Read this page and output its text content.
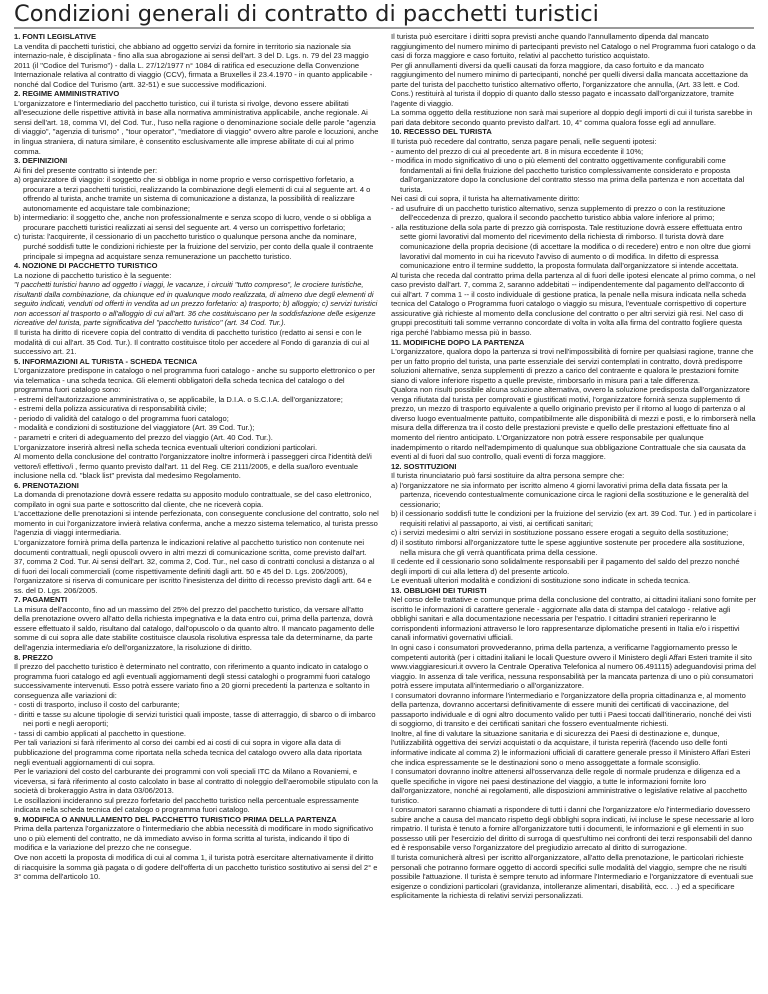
Condizioni generali di contratto di pacchetti turistici
1. FONTI LEGISLATIVE

La vendita di pacchetti turistici, che abbiano ad oggetto servizi da fornire in territorio sia nazionale sia internazio-nale, è disciplinata - fino alla sua abrogazione ai sensi dell'art. 3 del D. Lgs. n. 79 del 23 maggio 2011 (il "Codice del Turismo") - dalla L. 27/12/1977 n° 1084 di ratifica ed esecuzione della Convenzione Internazionale relativa al contratto di viaggio (CCV), firmata a Bruxelles il 23.4.1970 - in quanto applicabile - nonché dal Codice del Turismo (artt. 32-51) e sue successive modificazioni.

2. REGIME AMMINISTRATIVO

L'organizzatore e l'intermediario del pacchetto turistico, cui il turista si rivolge, devono essere abilitati all'esecuzione delle rispettive attività in base alla normativa amministrativa applicabile, anche regionale. Ai sensi dell'art. 18, comma VI, del Cod. Tur., l'uso nella ragione o denominazione sociale delle parole "agenzia di viaggio", "agenzia di turismo" , "tour operator", "mediatore di viaggio" ovvero altre parole e locuzioni, anche in lingua straniera, di natura similare, è consentito esclusivamente alle imprese abilitate di cui al primo comma.

3. DEFINIZIONI

Ai fini del presente contratto si intende per:

a) organizzatore di viaggio: il soggetto che si obbliga in nome proprio e verso corrispettivo forfetario, a procurare a terzi pacchetti turistici, realizzando la combinazione degli elementi di cui al seguente art. 4 o offrendo al turista, anche tramite un sistema di comunicazione a distanza, la possibilità di realizzare autonomamente ed acquistare tale combinazione;

b) intermediario: il soggetto che, anche non professionalmente e senza scopo di lucro, vende o si obbliga a procurare pacchetti turistici realizzati ai sensi del seguente art. 4 verso un corrispettivo forfetario;

c) turista: l'acquirente, il cessionario di un pacchetto turistico o qualunque persona anche da nominare, purché soddisfi tutte le condizioni richieste per la fruizione del servizio, per conto della quale il contraente principale si impegna ad acquistare senza remunerazione un pacchetto turistico.

4. NOZIONE DI PACCHETTO TURISTICO

La nozione di pacchetto turistico è la seguente:

"I pacchetti turistici hanno ad oggetto i viaggi, le vacanze, i circuiti "tutto compreso", le crociere turistiche, risultanti dalla combinazione, da chiunque ed in qualunque modo realizzata, di almeno due degli elementi di seguito indicati, venduti od offerti in vendita ad un prezzo forfetario: a) trasporto; b) alloggio; c) servizi turistici non accessori al trasporto o all'alloggio di cui all'art. 36 che costituiscano per la soddisfazione delle esigenze ricreative del turista, parte significativa del "pacchetto turistico" (art. 34 Cod. Tur.).

Il turista ha diritto di ricevere copia del contratto di vendita di pacchetto turistico (redatto ai sensi e con le modalità di cui all'art. 35 Cod. Tur.). Il contratto costituisce titolo per accedere al Fondo di garanzia di cui al successivo art. 21.

5. INFORMAZIONI AL TURISTA - SCHEDA TECNICA

L'organizzatore predispone in catalogo o nel programma fuori catalogo - anche su supporto elettronico o per via telematica - una scheda tecnica. Gli elementi obbligatori della scheda tecnica del catalogo o del programma fuori catalogo sono:

- estremi dell'autorizzazione amministrativa o, se applicabile, la D.I.A. o S.C.I.A. dell'organizzatore;

- estremi della polizza assicurativa di responsabilità civile;

- periodo di validità del catalogo o del programma fuori catalogo;

- modalità e condizioni di sostituzione del viaggiatore (Art. 39 Cod. Tur.);

- parametri e criteri di adeguamento del prezzo del viaggio (Art. 40 Cod. Tur.).

L'organizzatore inserirà altresì nella scheda tecnica eventuali ulteriori condizioni particolari.

Al momento della conclusione del contratto l'organizzatore inoltre informerà i passeggeri circa l'identità del/i vettore/i effettivo/i , fermo quanto previsto dall'art. 11 del Reg. CE 2111/2005, e della sua/loro eventuale inclusione nella cd. "black list" prevista dal medesimo Regolamento.

6. PRENOTAZIONI

La domanda di prenotazione dovrà essere redatta su apposito modulo contrattuale, se del caso elettronico, compilato in ogni sua parte e sottoscritto dal cliente, che ne riceverà copia.

L'accettazione delle prenotazioni si intende perfezionata, con conseguente conclusione del contratto, solo nel momento in cui l'organizzatore invierà relativa conferma, anche a mezzo sistema telematico, al turista presso l'agenzia di viaggi intermediaria.

L'organizzatore fornirà prima della partenza le indicazioni relative al pacchetto turistico non contenute nei documenti contrattuali, negli opuscoli ovvero in altri mezzi di comunicazione scritta, come previsto dall'art. 37, comma 2 Cod. Tur. Ai sensi dell'art. 32, comma 2, Cod. Tur., nel caso di contratti conclusi a distanza o al di fuori dei locali commerciali (come rispettivamente definiti dagli artt. 50 e 45 del D. Lgs. 206/2005), l'organizzatore si riserva di comunicare per iscritto l'inesistenza del diritto di recesso previsto dagli artt. 64 e ss. del D. Lgs. 206/2005.

7. PAGAMENTI

La misura dell'acconto, fino ad un massimo del 25% del prezzo del pacchetto turistico, da versare all'atto della prenotazione ovvero all'atto della richiesta impegnativa e la data entro cui, prima della partenza, dovrà essere effettuato il saldo, risultano dal catalogo, dall'opuscolo o da quanto altro. Il mancato pagamento delle somme di cui sopra alle date stabilite costituisce clausola risolutiva espressa tale da determinarne, da parte dell'agenzia intermediaria e/o dell'organizzatore, la risoluzione di diritto.

8. PREZZO

Il prezzo del pacchetto turistico è determinato nel contratto, con riferimento a quanto indicato in catalogo o programma fuori catalogo ed agli eventuali aggiornamenti degli stessi cataloghi o programmi fuori catalogo successivamente intervenuti. Esso potrà essere variato fino a 20 giorni precedenti la partenza e soltanto in conseguenza alle variazioni di:

- costi di trasporto, incluso il costo del carburante;

- diritti e tasse su alcune tipologie di servizi turistici quali imposte, tasse di atterraggio, di sbarco o di imbarco nei porti e negli aeroporti;

- tassi di cambio applicati al pacchetto in questione.

Per tali variazioni si farà riferimento al corso dei cambi ed ai costi di cui sopra in vigore alla data di pubblicazione del programma come riportata nella scheda tecnica del catalogo ovvero alla data riportata negli eventuali aggiornamenti di cui sopra.

Per le variazioni del costo del carburante dei programmi con voli speciali ITC da Milano a Rovaniemi, e viceversa, si farà riferimento al costo calcolato in base al contratto di noleggio dell'aeromobile stipulato con la società di brokeraggio Astra in data 03/06/2013.

Le oscillazioni incideranno sul prezzo forfetario del pacchetto turistico nella percentuale espressamente indicata nella scheda tecnica del catalogo o programma fuori catalogo.

9. MODIFICA O ANNULLAMENTO DEL PACCHETTO TURISTICO PRIMA DELLA PARTENZA

Prima della partenza l'organizzatore o l'intermediario che abbia necessità di modificare in modo significativo uno o più elementi del contratto, ne dà immediato avviso in forma scritta al turista, indicando il tipo di modifica e la variazione del prezzo che ne consegue.

Ove non accetti la proposta di modifica di cui al comma 1, il turista potrà esercitare alternativamente il diritto di riacquisire la somma già pagata o di godere dell'offerta di un pacchetto turistico sostitutivo ai sensi del 2° e 3° comma dell'articolo 10.

Il turista può esercitare i diritti sopra previsti anche quando l'annullamento dipenda dal mancato raggiungimento del numero minimo di partecipanti previsto nel Catalogo o nel Programma fuori catalogo o da casi di forza maggiore e caso fortuito, relativi al pacchetto turistico acquistato.

Per gli annullamenti diversi da quelli causati da forza maggiore, da caso fortuito e da mancato raggiungimento del numero minimo di partecipanti, nonché per quelli diversi dalla mancata accettazione da parte del turista del pacchetto turistico alternativo offerto, l'organizzatore che annulla, (Art. 33 lett. e Cod. Cons.) restituirà al turista il doppio di quanto dallo stesso pagato e incassato dall'organizzatore, tramite l'agente di viaggio.

La somma oggetto della restituzione non sarà mai superiore al doppio degli importi di cui il turista sarebbe in pari data debitore secondo quanto previsto dall'art. 10, 4° comma qualora fosse egli ad annullare.

10. RECESSO DEL TURISTA

Il turista può recedere dal contratto, senza pagare penali, nelle seguenti ipotesi:

- aumento del prezzo di cui al precedente art. 8 in misura eccedente il 10%;

- modifica in modo significativo di uno o più elementi del contratto oggettivamente configurabili come fondamentali ai fini della fruizione del pacchetto turistico complessivamente considerato e proposta dall'organizzatore dopo la conclusione del contratto stesso ma prima della partenza e non accettata dal turista.

Nei casi di cui sopra, il turista ha alternativamente diritto:

- ad usufruire di un pacchetto turistico alternativo, senza supplemento di prezzo o con la restituzione dell'eccedenza di prezzo, qualora il secondo pacchetto turistico abbia valore inferiore al primo;

- alla restituzione della sola parte di prezzo già corrisposta. Tale restituzione dovrà essere effettuata entro sette giorni lavorativi dal momento del ricevimento della richiesta di rimborso. Il turista dovrà dare comunicazione della propria decisione (di accettare la modifica o di recedere) entro e non oltre due giorni lavorativi dal momento in cui ha ricevuto l'avviso di aumento o di modifica. In difetto di espressa comunicazione entro il termine suddetto, la proposta formulata dall'organizzatore si intende accettata.

Al turista che receda dal contratto prima della partenza al di fuori delle ipotesi elencate al primo comma, o nel caso previsto dall'art. 7, comma 2, saranno addebitati -- indipendentemente dal pagamento dell'acconto di cui all'art. 7 comma 1 -- il costo individuale di gestione pratica, la penale nella misura indicata nella scheda tecnica del Catalogo o Programma fuori catalogo o viaggio su misura, l'eventuale corrispettivo di coperture assicurative già richieste al momento della conclusione del contratto o per altri servizi già resi. Nel caso di gruppi precostituiti tali somme verranno concordate di volta in volta alla firma del contratto fogliere questa riga perché l'abbiamo messa più in basso.

11. MODIFICHE DOPO LA PARTENZA

L'organizzatore, qualora dopo la partenza si trovi nell'impossibilità di fornire per qualsiasi ragione, tranne che per un fatto proprio del turista, una parte essenziale dei servizi contemplati in contratto, dovrà predisporre soluzioni alternative, senza supplementi di prezzo a carico del contraente e qualora le prestazioni fornite siano di valore inferiore rispetto a quelle previste, rimborsarlo in misura pari a tale differenza.

Qualora non risulti possibile alcuna soluzione alternativa, ovvero la soluzione predisposta dall'organizzatore venga rifiutata dal turista per comprovati e giustificati motivi, l'organizzatore fornirà senza supplemento di prezzo, un mezzo di trasporto equivalente a quello originario previsto per il ritorno al luogo di partenza o al diverso luogo eventualmente pattuito, compatibilmente alle disponibilità di mezzi e posti, e lo rimborserà nella misura della differenza tra il costo delle prestazioni previste e quello delle prestazioni effettuate fino al momento del rientro anticipato. L'Organizzatore non potrà essere responsabile per qualunque inadempimento o ritardo nell'adempimento di qualunque sua obbligazione Contrattuale che sia causata da eventi al di fuori dal suo controllo, quali eventi di forza maggiore.

12. SOSTITUZIONI

Il turista rinunciatario può farsi sostituire da altra persona sempre che:

a) l'organizzatore ne sia informato per iscritto almeno 4 giorni lavorativi prima della data fissata per la partenza, ricevendo contestualmente comunicazione circa le ragioni della sostituzione e le generalità del cessionario;

b) il cessionario soddisfi tutte le condizioni per la fruizione del servizio (ex art. 39 Cod. Tur. ) ed in particolare i requisiti relativi al passaporto, ai visti, ai certificati sanitari;

c) i servizi medesimi o altri servizi in sostituzione possano essere erogati a seguito della sostituzione;

d) il sostituto rimborsi all'organizzatore tutte le spese aggiuntive sostenute per procedere alla sostituzione, nella misura che gli verrà quantificata prima della cessione.

Il cedente ed il cessionario sono solidalmente responsabili per il pagamento del saldo del prezzo nonché degli importi di cui alla lettera d) del presente articolo.

Le eventuali ulteriori modalità e condizioni di sostituzione sono indicate in scheda tecnica.

13. OBBLIGHI DEI TURISTI

Nel corso delle trattative e comunque prima della conclusione del contratto, ai cittadini italiani sono fornite per iscritto le informazioni di carattere generale - aggiornate alla data di stampa del catalogo - relative agli obblighi sanitari e alla documentazione necessaria per l'espatrio. I cittadini stranieri reperiranno le corrispondenti informazioni attraverso le loro rappresentanze diplomatiche presenti in Italia e/o i rispettivi canali informativi governativi ufficiali.

In ogni caso i consumatori provvederanno, prima della partenza, a verificarne l'aggiornamento presso le competenti autorità (per i cittadini italiani le locali Questure ovvero il Ministero degli Affari Esteri tramite il sito www.viaggiaresicuri.it ovvero la Centrale Operativa Telefonica al numero 06.491115) adeguandovisi prima del viaggio. In assenza di tale verifica, nessuna responsabilità per la mancata partenza di uno o più consumatori potrà essere imputata all'intermediario o all'organizzatore.

I consumatori dovranno informare l'intermediario e l'organizzatore della propria cittadinanza e, al momento della partenza, dovranno accertarsi definitivamente di essere muniti dei certificati di vaccinazione, del passaporto individuale e di ogni altro documento valido per tutti i Paesi toccati dall'itinerario, nonché dei visti di soggiorno, di transito e dei certificati sanitari che fossero eventualmente richiesti.

Inoltre, al fine di valutare la situazione sanitaria e di sicurezza dei Paesi di destinazione e, dunque, l'utilizzabilità oggettiva dei servizi acquistati o da acquistare, il turista reperirà (facendo uso delle fonti informative indicate al comma 2) le informazioni ufficiali di carattere generale presso il Ministero Affari Esteri che indica espressamente se le destinazioni sono o meno assoggettate a formale sconsiglio.

I consumatori dovranno inoltre attenersi all'osservanza delle regole di normale prudenza e diligenza ed a quelle specifiche in vigore nei paesi destinazione del viaggio, a tutte le informazioni fornite loro dall'organizzatore, nonché ai regolamenti, alle disposizioni amministrative o legislative relative al pacchetto turistico.

I consumatori saranno chiamati a rispondere di tutti i danni che l'organizzatore e/o l'intermediario dovessero subire anche a causa del mancato rispetto degli obblighi sopra indicati, ivi incluse le spese necessarie al loro rimpatrio. Il turista è tenuto a fornire all'organizzatore tutti i documenti, le informazioni e gli elementi in suo possesso utili per l'esercizio del diritto di surroga di quest'ultimo nei confronti dei terzi responsabili del danno ed è responsabile verso l'organizzatore del pregiudizio arrecato al diritto di surrogazione.

Il turista comunicherà altresì per iscritto all'organizzatore, all'atto della prenotazione, le particolari richieste personali che potranno formare oggetto di accordi specifici sulle modalità del viaggio, sempre che ne risulti possibile l'attuazione. Il turista è sempre tenuto ad informare l'Intermediario e l'organizzatore di eventuali sue esigenze o condizioni particolari (gravidanza, intolleranze alimentari, disabilità, ecc. . .) ed a specificare esplicitamente la richiesta di relativi servizi personalizzati.
